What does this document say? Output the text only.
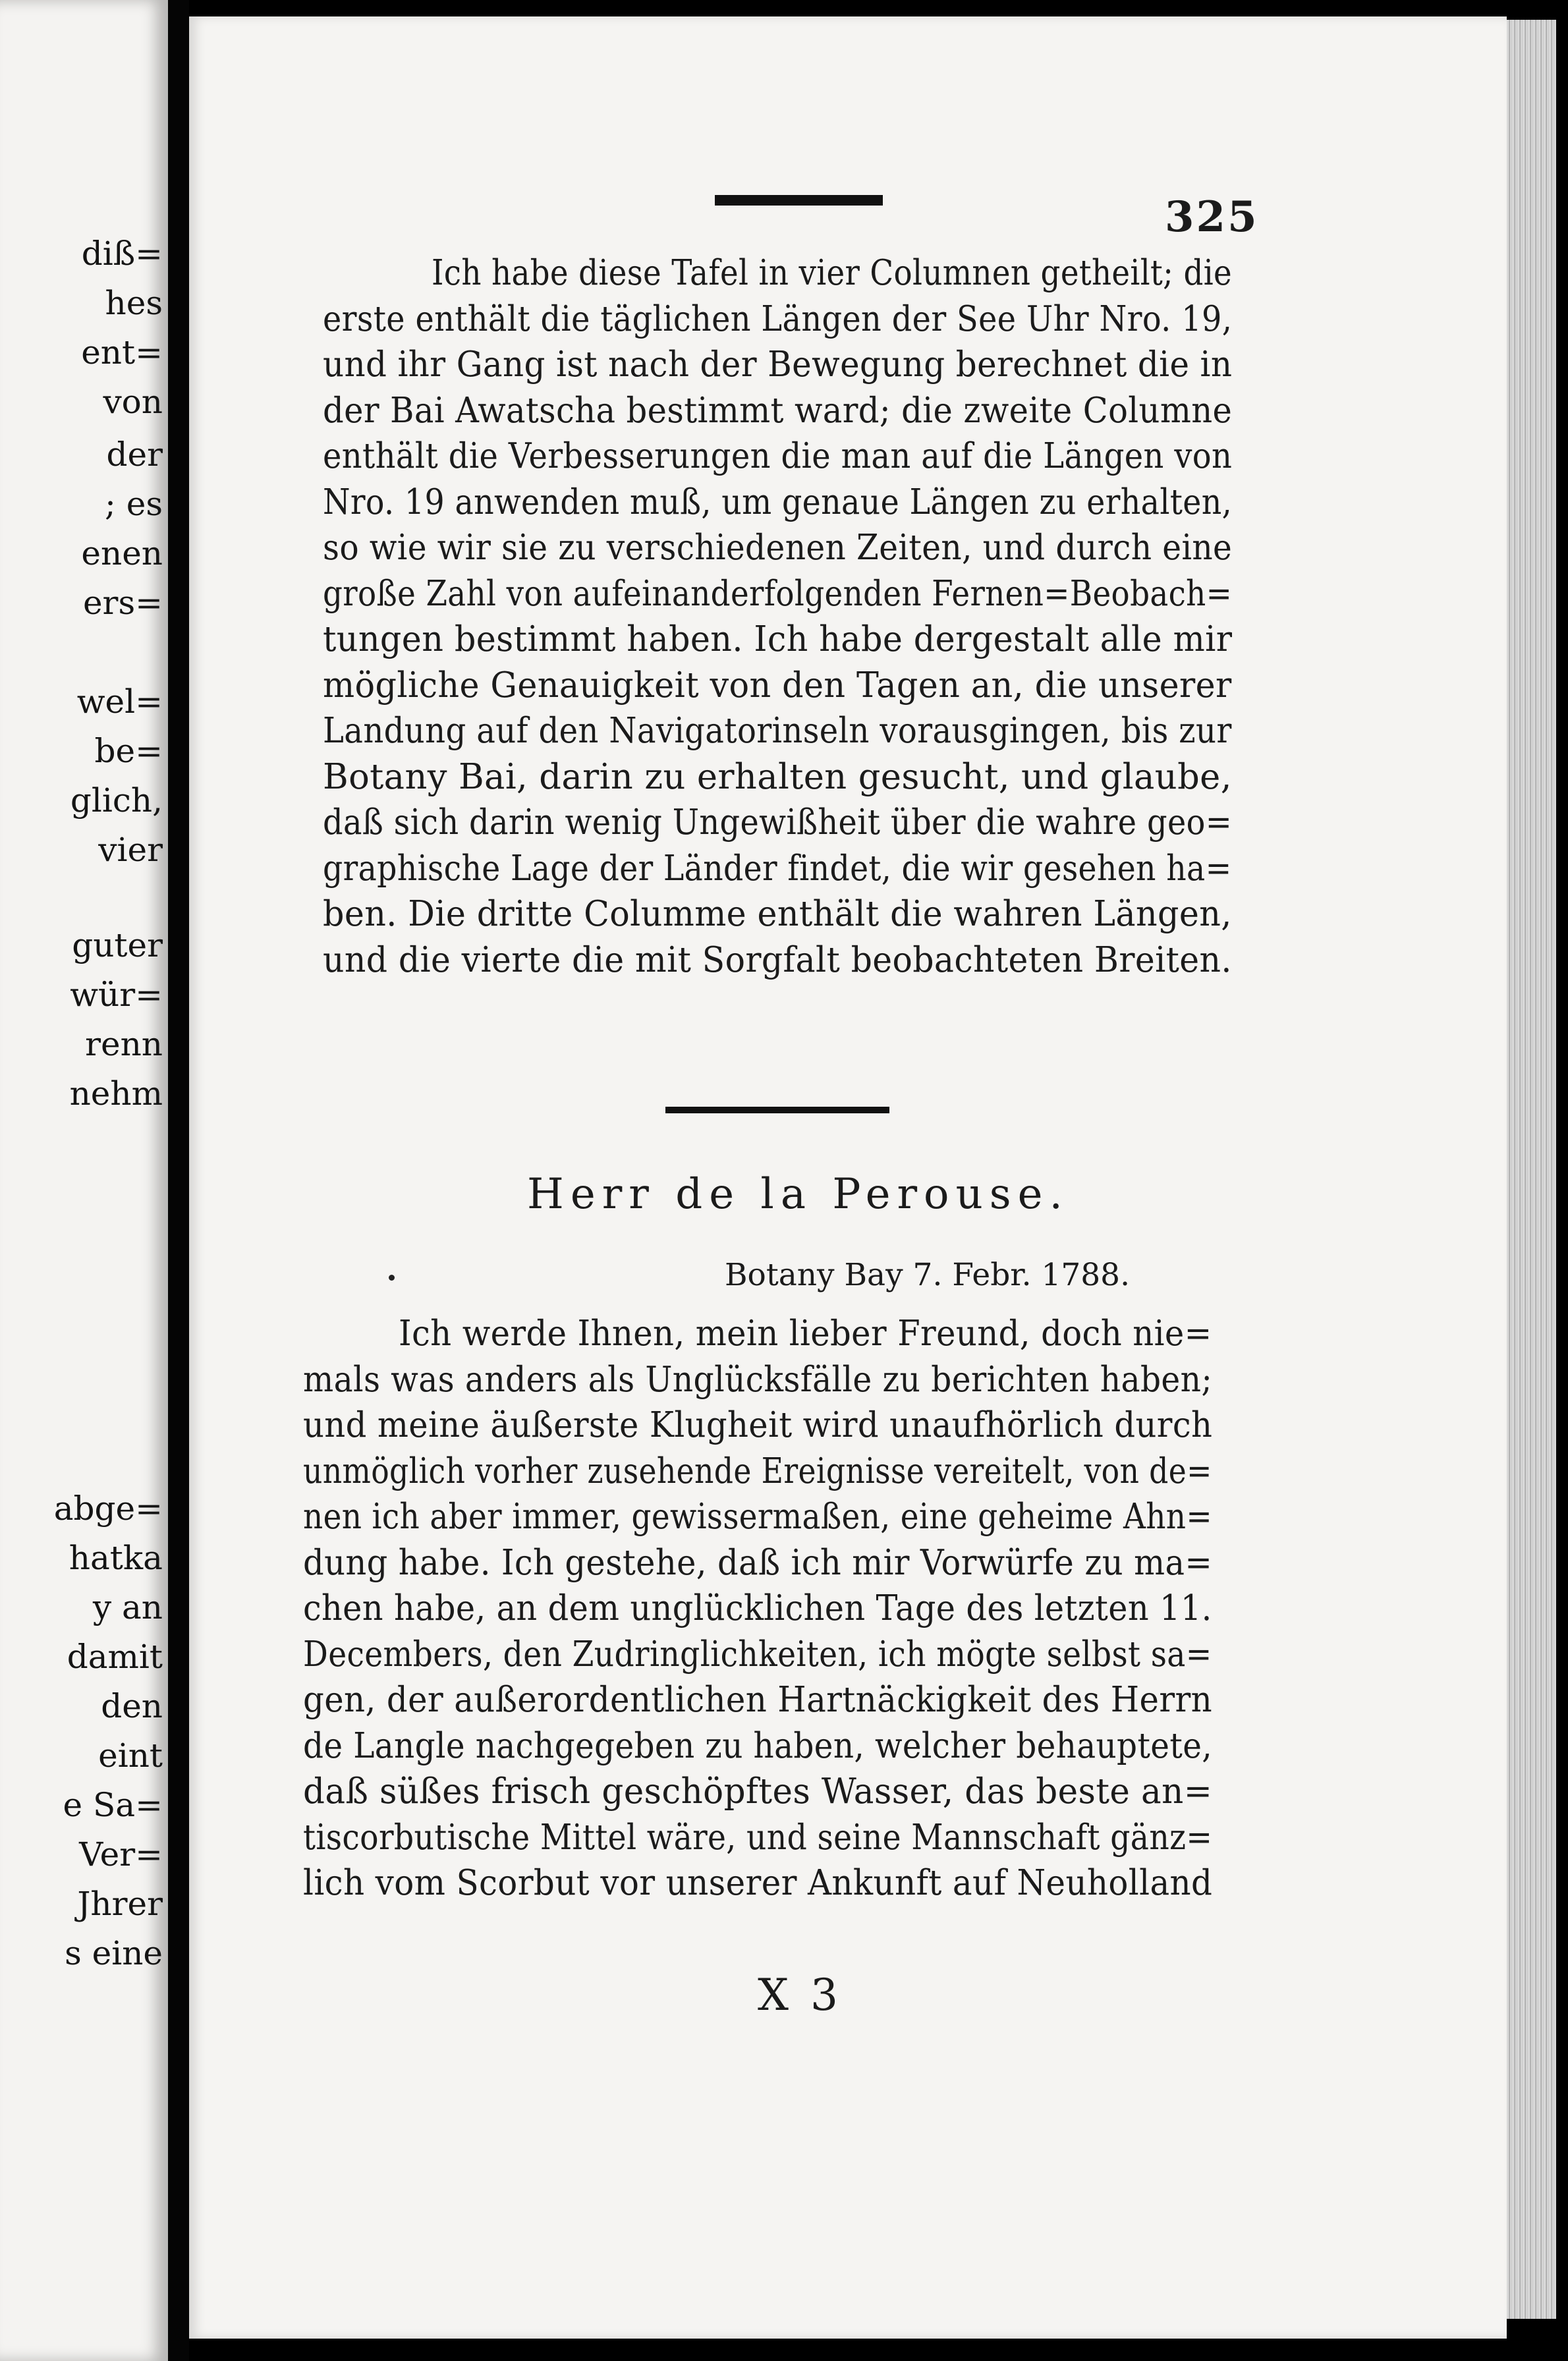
diß=
hes
ent=
von
der
; es
enen
ers=
wel=
be=
glich,
vier
guter
wür=
renn
nehm
abge=
hatka
y an
damit
den
eint
e Sa=
Ver=
Jhrer
s eine
325
Ich habe diese Tafel in vier Columnen getheilt; die
erste enthält die täglichen Längen der See Uhr Nro. 19,
und ihr Gang ist nach der Bewegung berechnet die in
der Bai Awatscha bestimmt ward; die zweite Columne
enthält die Verbesserungen die man auf die Längen von
Nro. 19 anwenden muß, um genaue Längen zu erhalten,
so wie wir sie zu verschiedenen Zeiten, und durch eine
große Zahl von aufeinanderfolgenden Fernen=Beobach=
tungen bestimmt haben. Ich habe dergestalt alle mir
mögliche Genauigkeit von den Tagen an, die unserer
Landung auf den Navigatorinseln vorausgingen, bis zur
Botany Bai, darin zu erhalten gesucht, und glaube,
daß sich darin wenig Ungewißheit über die wahre geo=
graphische Lage der Länder findet, die wir gesehen ha=
ben. Die dritte Columme enthält die wahren Längen,
und die vierte die mit Sorgfalt beobachteten Breiten.
Herr de la Perouse.
Botany Bay 7. Febr. 1788.
Ich werde Ihnen, mein lieber Freund, doch nie=
mals was anders als Unglücksfälle zu berichten haben;
und meine äußerste Klugheit wird unaufhörlich durch
unmöglich vorher zusehende Ereignisse vereitelt, von de=
nen ich aber immer, gewissermaßen, eine geheime Ahn=
dung habe. Ich gestehe, daß ich mir Vorwürfe zu ma=
chen habe, an dem unglücklichen Tage des letzten 11.
Decembers, den Zudringlichkeiten, ich mögte selbst sa=
gen, der außerordentlichen Hartnäckigkeit des Herrn
de Langle nachgegeben zu haben, welcher behauptete,
daß süßes frisch geschöpftes Wasser, das beste an=
tiscorbutische Mittel wäre, und seine Mannschaft gänz=
lich vom Scorbut vor unserer Ankunft auf Neuholland
X 3
